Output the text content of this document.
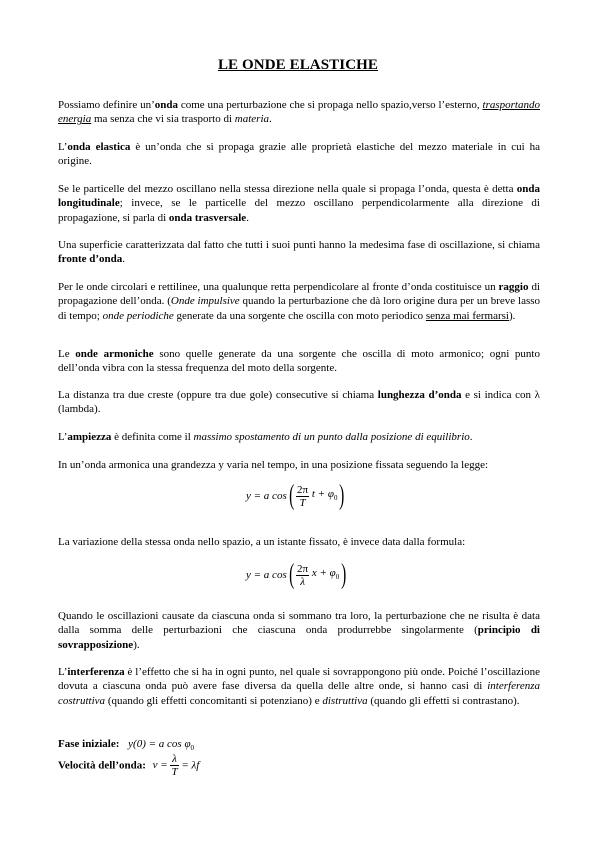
LE ONDE ELASTICHE

Possiamo definire un’onda come una perturbazione che si propaga nello spazio,verso l’esterno, trasportando energia ma senza che vi sia trasporto di materia.

L’onda elastica è un’onda che si propaga grazie alle proprietà elastiche del mezzo materiale in cui ha origine.

Se le particelle del mezzo oscillano nella stessa direzione nella quale si propaga l’onda, questa è detta onda longitudinale; invece, se le particelle del mezzo oscillano perpendicolarmente alla direzione di propagazione, si parla di onda trasversale.

Una superficie caratterizzata dal fatto che tutti i suoi punti hanno la medesima fase di oscillazione, si chiama fronte d’onda.

Per le onde circolari e rettilinee, una qualunque retta perpendicolare al fronte d’onda costituisce un raggio di propagazione dell’onda. (Onde impulsive quando la perturbazione che dà loro origine dura per un breve lasso di tempo; onde periodiche generate da una sorgente che oscilla con moto periodico senza mai fermarsi).

Le onde armoniche sono quelle generate da una sorgente che oscilla di moto armonico; ogni punto dell’onda vibra con la stessa frequenza del moto della sorgente.

La distanza tra due creste (oppure tra due gole) consecutive si chiama lunghezza d’onda e si indica con λ (lambda).

L’ampiezza è definita come il massimo spostamento di un punto dalla posizione di equilibrio.

In un’onda armonica una grandezza y varia nel tempo, in una posizione fissata seguendo la legge:

y = a $\cos( \frac{2\pi}{T}$ $t + \varphi_0$)

La variazione della stessa onda nello spazio, a un istante fissato, è invece data dalla formula:

y = a $\cos( \frac{2\pi}{\lambda}$ $x + \varphi_0$)

Quando le oscillazioni causate da ciascuna onda si sommano tra loro, la perturbazione che ne risulta è data dalla somma delle perturbazioni che ciascuna onda produrrebbe singolarmente (principio di sovrapposizione).

L’interferenza è l’effetto che si ha in ogni punto, nel quale si sovrappongono più onde. Poiché l’oscillazione dovuta a ciascuna onda può avere fase diversa da quella delle altre onde, si hanno casi di interferenza costruttiva (quando gli effetti concomitanti si potenziano) e distruttiva (quando gli effetti si contrastano).

Fase iniziale: y(0) = a $\cos \varphi_0$
Velocità dell’onda: $v = \frac{\lambda}{T} = \lambda f$
